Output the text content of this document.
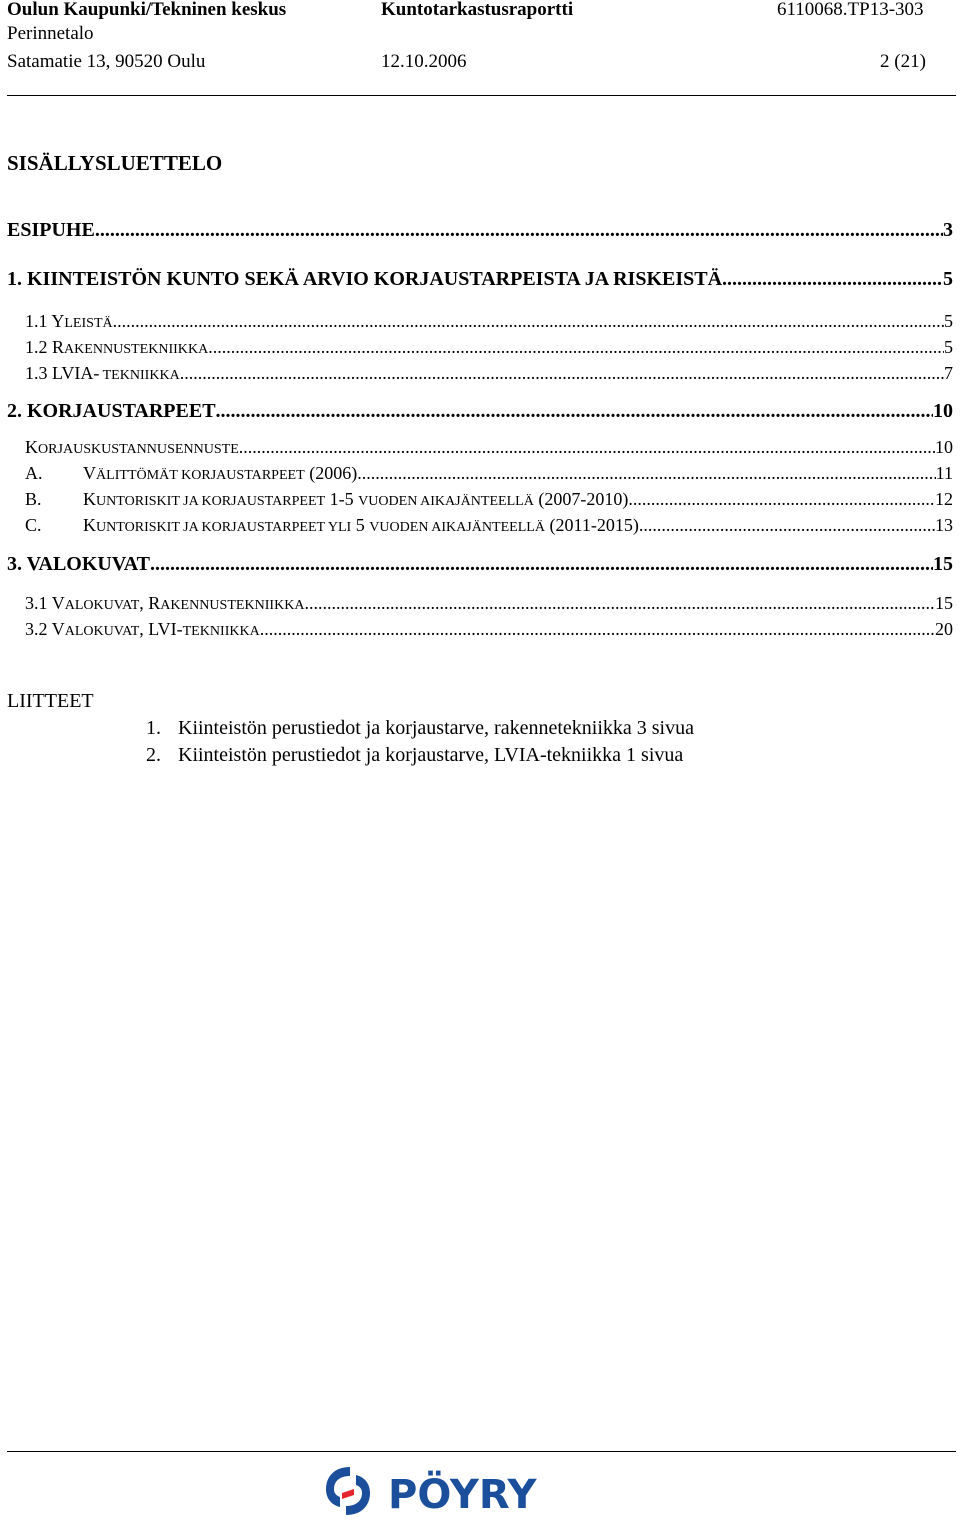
Oulun Kaupunki/Tekninen keskus	Kuntotarkastusraportti	6110068.TP13-303
Perinnetalo
Satamatie 13, 90520 Oulu	12.10.2006	2 (21)
SISÄLLYSLUETTELO
ESIPUHE .....	3
1. KIINTEISTÖN KUNTO SEKÄ ARVIO KORJAUSTARPEISTA JA RISKEISTÄ .....	5
1.1 YLEISTÄ .....	5
1.2 RAKENNUSTEKNIIKKA .....	5
1.3 LVIA- TEKNIIKKA .....	7
2. KORJAUSTARPEET .....	10
KORJAUSKUSTANNUSENNUSTE .....	10
A. VÄLITTÖMÄT KORJAUSTARPEET (2006) .....	11
B. KUNTORISKIT JA KORJAUSTARPEET 1-5 VUODEN AIKAJÄNTEELLÄ (2007-2010) .....	12
C. KUNTORISKIT JA KORJAUSTARPEET YLI 5 VUODEN AIKAJÄNTEELLÄ (2011-2015) .....	13
3. VALOKUVAT .....	15
3.1 VALOKUVAT, RAKENNUSTEKNIIKKA .....	15
3.2 VALOKUVAT, LVI-TEKNIIKKA .....	20
LIITTEET
1. Kiinteistön perustiedot ja korjaustarve, rakennetekniikka 3 sivua
2. Kiinteistön perustiedot ja korjaustarve, LVIA-tekniikka 1 sivua
PÖYRY
